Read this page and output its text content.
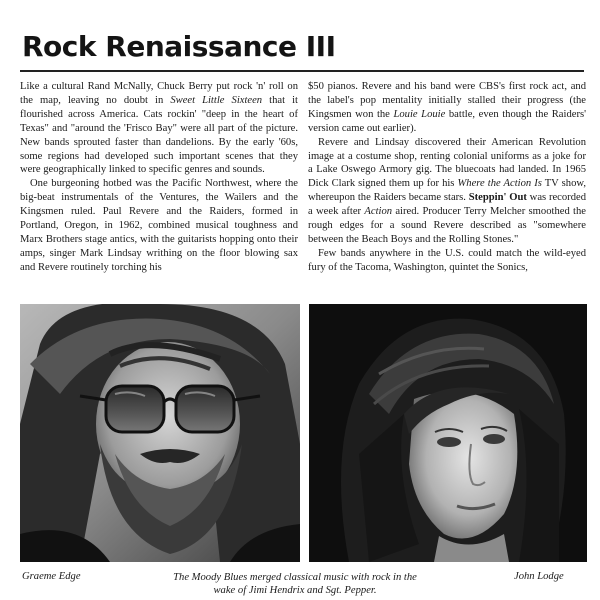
Rock Renaissance III

Like a cultural Rand McNally, Chuck Berry put rock 'n' roll on the map, leaving no doubt in Sweet Little Sixteen that it flourished across America. Cats rockin' "deep in the heart of Texas" and "around the 'Frisco Bay" were all part of the picture. New bands sprouted faster than dandelions. By the early '60s, some regions had developed such important scenes that they were geographically linked to specific genres and sounds.

One burgeoning hotbed was the Pacific Northwest, where the big-beat instrumentals of the Ventures, the Wailers and the Kingsmen ruled. Paul Revere and the Raiders, formed in Portland, Oregon, in 1962, combined musical toughness and Marx Brothers stage antics, with the guitarists hopping onto their amps, singer Mark Lindsay writhing on the floor blowing sax and Revere routinely torching his

$50 pianos. Revere and his band were CBS's first rock act, and the label's pop mentality initially stalled their progress (the Kingsmen won the Louie Louie battle, even though the Raiders' version came out earlier).

Revere and Lindsay discovered their American Revolution image at a costume shop, renting colonial uniforms as a joke for a Lake Oswego Armory gig. The bluecoats had landed. In 1965 Dick Clark signed them up for his Where the Action Is TV show, whereupon the Raiders became stars. Steppin' Out was recorded a week after Action aired. Producer Terry Melcher smoothed the rough edges for a sound Revere described as "somewhere between the Beach Boys and the Rolling Stones."

Few bands anywhere in the U.S. could match the wild-eyed fury of the Tacoma, Washington, quintet the Sonics,

Graeme Edge	The Moody Blues merged classical music with rock in the
wake of Jimi Hendrix and Sgt. Pepper.
John Lodge
